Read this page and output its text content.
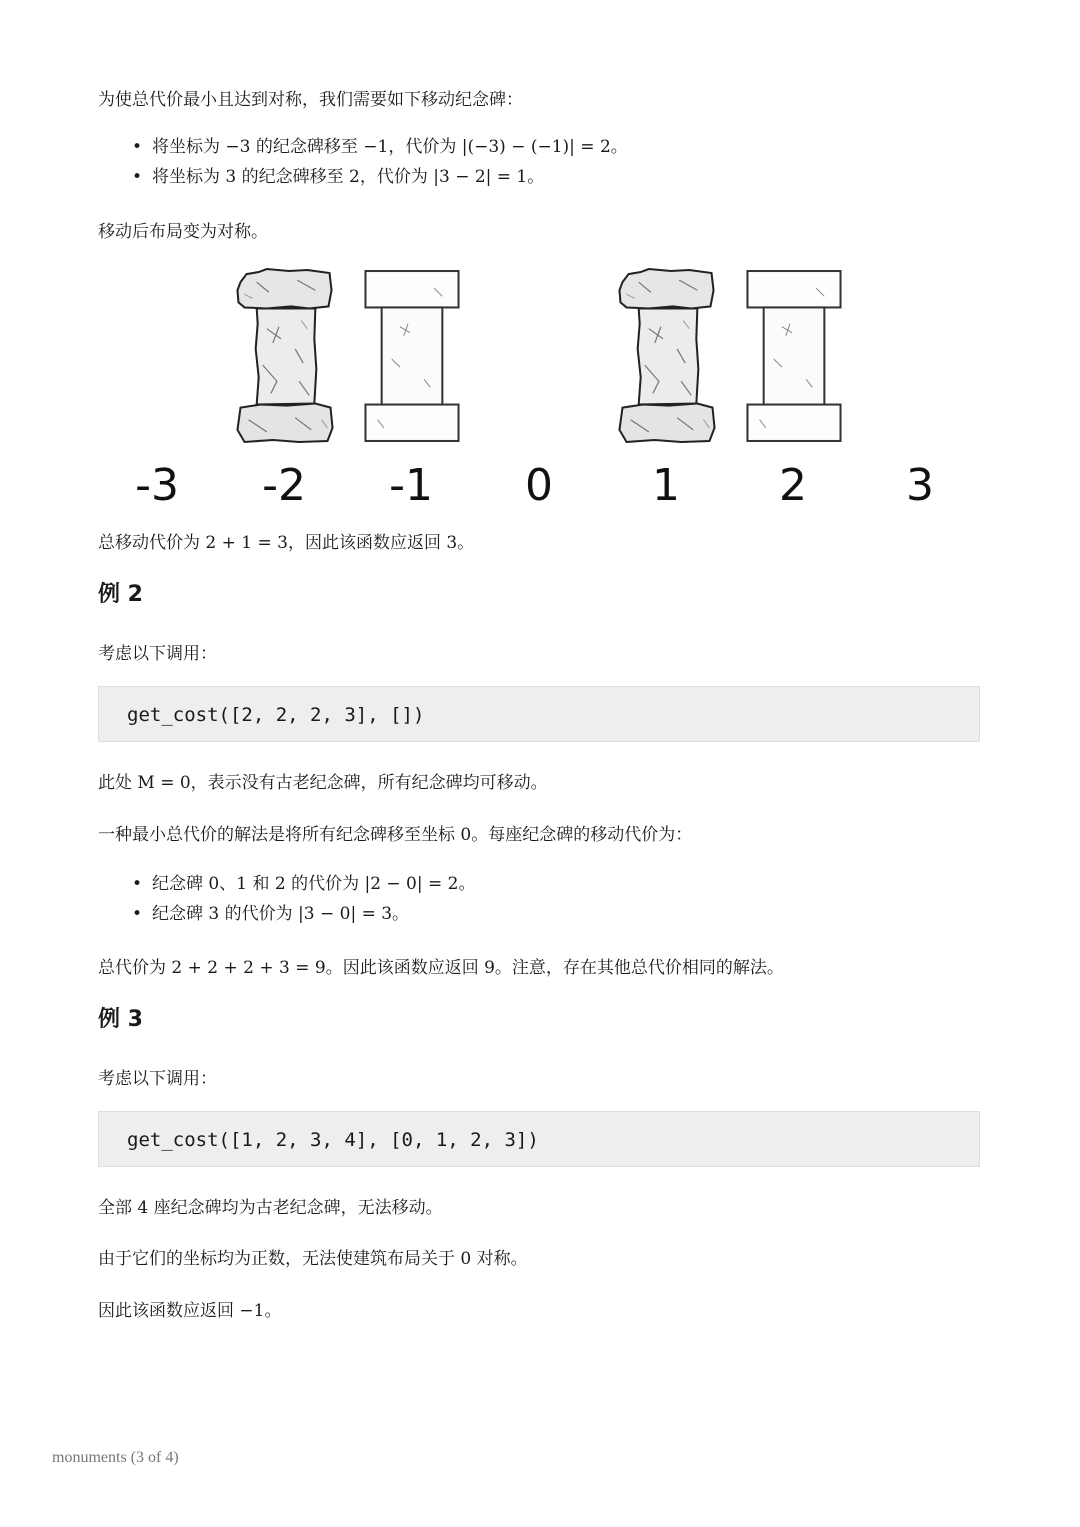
为使总代价最小且达到对称，我们需要如下移动纪念碑：
• 将坐标为 −3 的纪念碑移至 −1，代价为 |(−3) − (−1)| = 2。
• 将坐标为 3 的纪念碑移至 2，代价为 |3 − 2| = 1。
移动后布局变为对称。
-3 -2 -1	0	1	2	3
总移动代价为 2 + 1 = 3，因此该函数应返回 3。
例 2
考虑以下调用：
get_cost([2, 2, 2, 3], [])
此处 M = 0，表示没有古老纪念碑，所有纪念碑均可移动。
一种最小总代价的解法是将所有纪念碑移至坐标 0。每座纪念碑的移动代价为：
• 纪念碑 0、1 和 2 的代价为 |2 − 0| = 2。
• 纪念碑 3 的代价为 |3 − 0| = 3。
总代价为 2 + 2 + 2 + 3 = 9。因此该函数应返回 9。注意，存在其他总代价相同的解法。
例 3
考虑以下调用：
get_cost([1, 2, 3, 4], [0, 1, 2, 3])
全部 4 座纪念碑均为古老纪念碑，无法移动。
由于它们的坐标均为正数，无法使建筑布局关于 0 对称。
因此该函数应返回 −1。
monuments (3 of 4)
